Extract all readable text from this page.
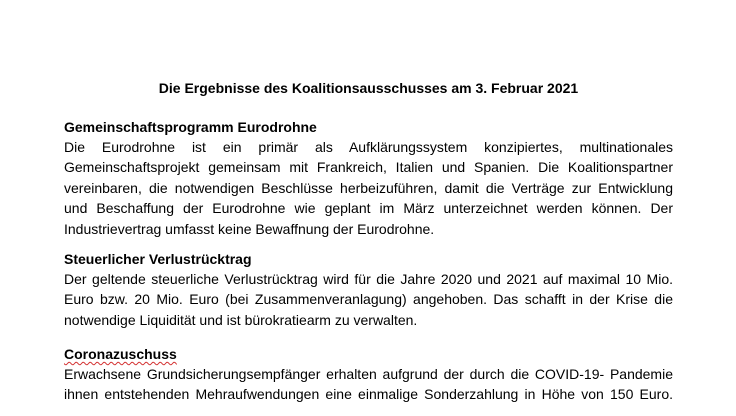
Die Ergebnisse des Koalitionsausschusses am 3. Februar 2021
Gemeinschaftsprogramm Eurodrohne
Die Eurodrohne ist ein primär als Aufklärungssystem konzipiertes, multinationales
Gemeinschaftsprojekt gemeinsam mit Frankreich, Italien und Spanien. Die Koalitionspartner
vereinbaren, die notwendigen Beschlüsse herbeizuführen, damit die Verträge zur Entwicklung
und Beschaffung der Eurodrohne wie geplant im März unterzeichnet werden können. Der
Industrievertrag umfasst keine Bewaffnung der Eurodrohne.
Steuerlicher Verlustrücktrag
Der geltende steuerliche Verlustrücktrag wird für die Jahre 2020 und 2021 auf maximal 10 Mio.
Euro bzw. 20 Mio. Euro (bei Zusammenveranlagung) angehoben. Das schafft in der Krise die
notwendige Liquidität und ist bürokratiearm zu verwalten.
Coronazuschuss
Erwachsene Grundsicherungsempfänger erhalten aufgrund der durch die COVID-19- Pandemie
ihnen entstehenden Mehraufwendungen eine einmalige Sonderzahlung in Höhe von 150 Euro.
